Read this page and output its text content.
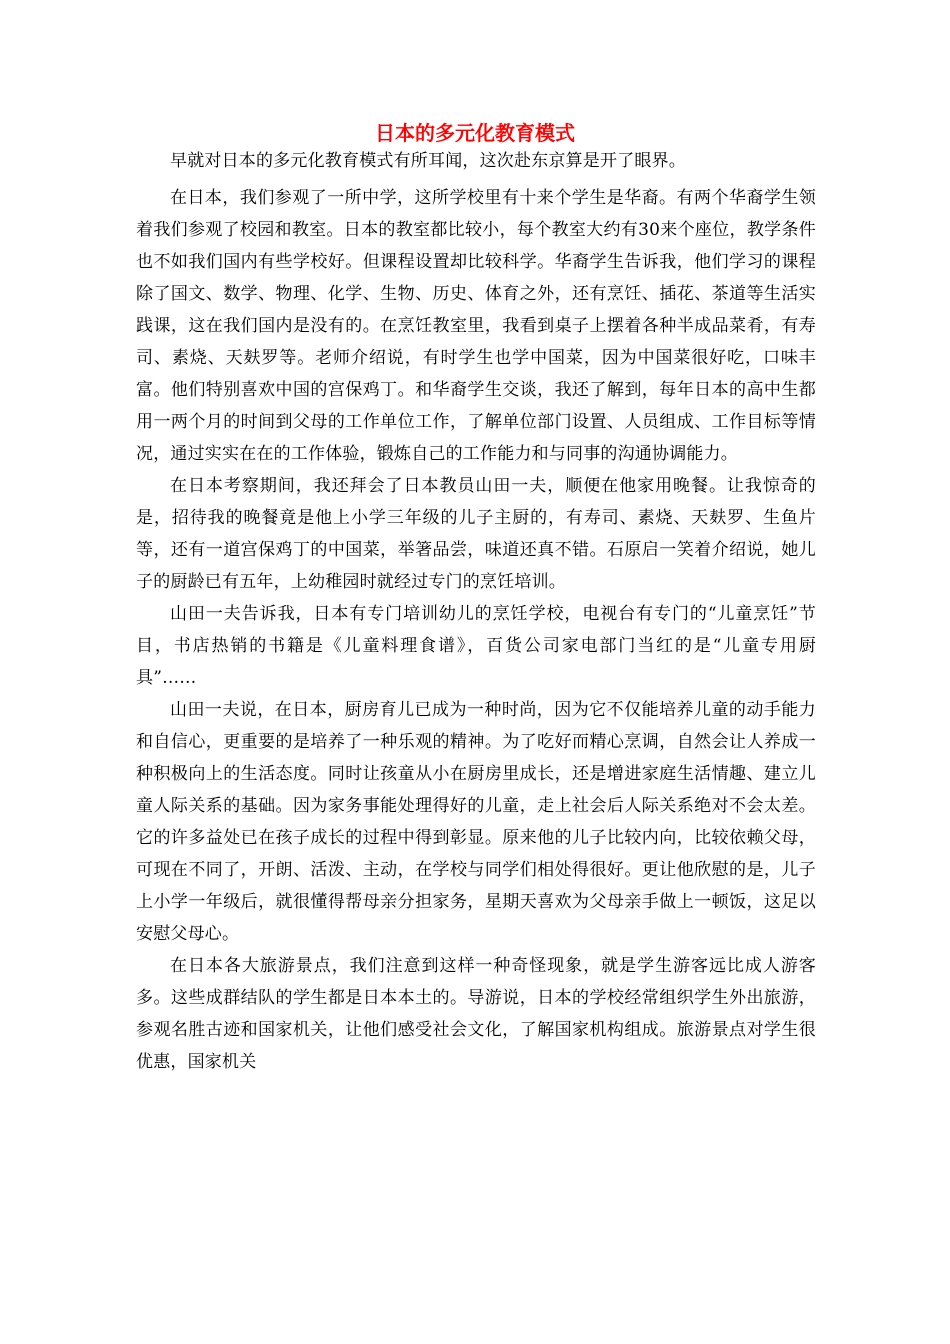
日本的多元化教育模式

早就对日本的多元化教育模式有所耳闻，这次赴东京算是开了眼界。

在日本，我们参观了一所中学，这所学校里有十来个学生是华裔。有两个华裔学生领着我们参观了校园和教室。日本的教室都比较小，每个教室大约有30来个座位，教学条件也不如我们国内有些学校好。但课程设置却比较科学。华裔学生告诉我，他们学习的课程除了国文、数学、物理、化学、生物、历史、体育之外，还有烹饪、插花、茶道等生活实践课，这在我们国内是没有的。在烹饪教室里，我看到桌子上摆着各种半成品菜肴，有寿司、素烧、天麸罗等。老师介绍说，有时学生也学中国菜，因为中国菜很好吃，口味丰富。他们特别喜欢中国的宫保鸡丁。和华裔学生交谈，我还了解到，每年日本的高中生都用一两个月的时间到父母的工作单位工作，了解单位部门设置、人员组成、工作目标等情况，通过实实在在的工作体验，锻炼自己的工作能力和与同事的沟通协调能力。

在日本考察期间，我还拜会了日本教员山田一夫，顺便在他家用晚餐。让我惊奇的是，招待我的晚餐竟是他上小学三年级的儿子主厨的，有寿司、素烧、天麸罗、生鱼片等，还有一道宫保鸡丁的中国菜，举箸品尝，味道还真不错。石原启一笑着介绍说，她儿子的厨龄已有五年，上幼稚园时就经过专门的烹饪培训。

山田一夫告诉我，日本有专门培训幼儿的烹饪学校，电视台有专门的“儿童烹饪”节目，书店热销的书籍是《儿童料理食谱》，百货公司家电部门当红的是“儿童专用厨具”……

山田一夫说，在日本，厨房育儿已成为一种时尚，因为它不仅能培养儿童的动手能力和自信心，更重要的是培养了一种乐观的精神。为了吃好而精心烹调，自然会让人养成一种积极向上的生活态度。同时让孩童从小在厨房里成长，还是增进家庭生活情趣、建立儿童人际关系的基础。因为家务事能处理得好的儿童，走上社会后人际关系绝对不会太差。它的许多益处已在孩子成长的过程中得到彰显。原来他的儿子比较内向，比较依赖父母，可现在不同了，开朗、活泼、主动，在学校与同学们相处得很好。更让他欣慰的是，儿子上小学一年级后，就很懂得帮母亲分担家务，星期天喜欢为父母亲手做上一顿饭，这足以安慰父母心。

在日本各大旅游景点，我们注意到这样一种奇怪现象，就是学生游客远比成人游客多。这些成群结队的学生都是日本本土的。导游说，日本的学校经常组织学生外出旅游，参观名胜古迹和国家机关，让他们感受社会文化，了解国家机构组成。旅游景点对学生很优惠，国家机关
